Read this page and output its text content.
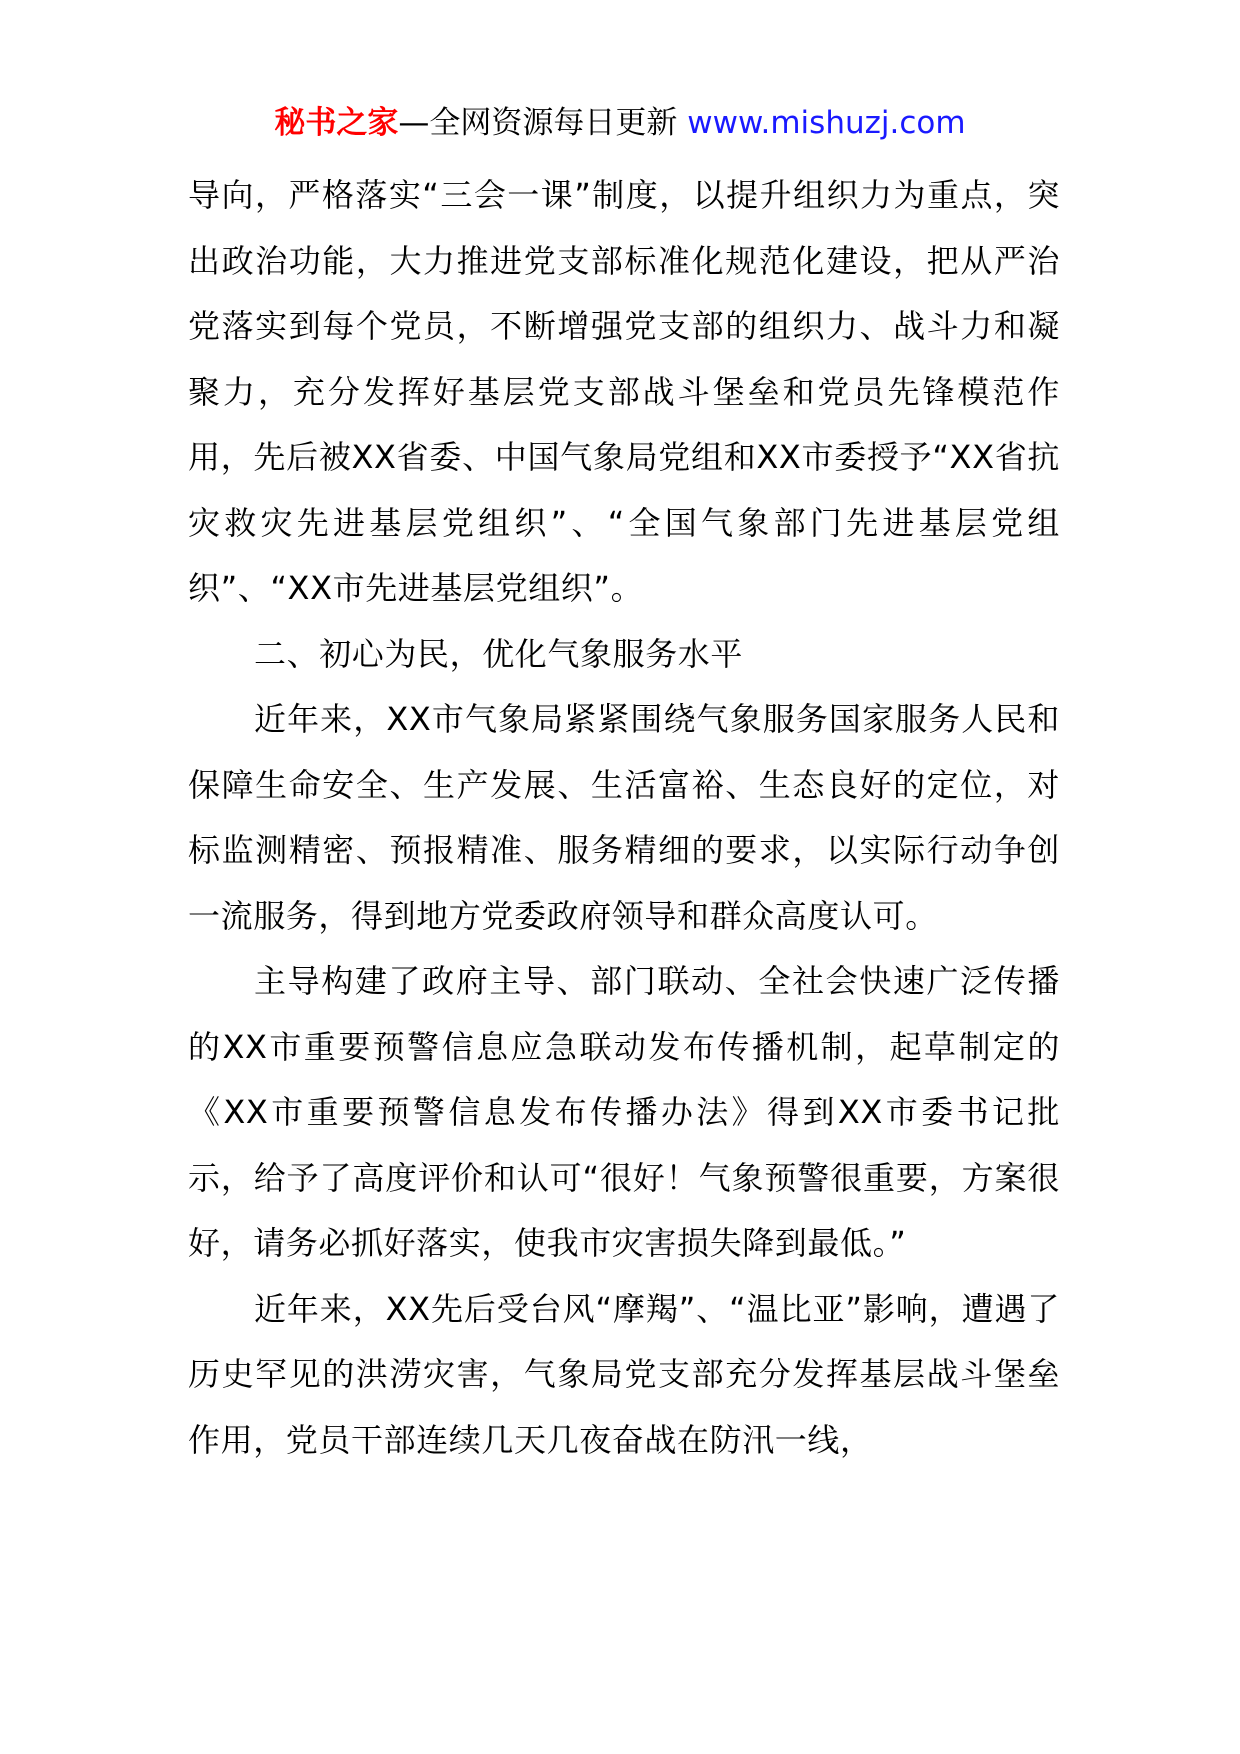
秘书之家—全网资源每日更新 www.mishuzj.com

导向，严格落实“三会一课”制度，以提升组织力为重点，突出政治功能，大力推进党支部标准化规范化建设，把从严治党落实到每个党员，不断增强党支部的组织力、战斗力和凝聚力，充分发挥好基层党支部战斗堡垒和党员先锋模范作用，先后被XX省委、中国气象局党组和XX市委授予“XX省抗灾救灾先进基层党组织”、“全国气象部门先进基层党组织”、“XX市先进基层党组织”。

二、初心为民，优化气象服务水平

近年来，XX市气象局紧紧围绕气象服务国家服务人民和保障生命安全、生产发展、生活富裕、生态良好的定位，对标监测精密、预报精准、服务精细的要求，以实际行动争创一流服务，得到地方党委政府领导和群众高度认可。

主导构建了政府主导、部门联动、全社会快速广泛传播的XX市重要预警信息应急联动发布传播机制，起草制定的《XX市重要预警信息发布传播办法》得到XX市委书记批示，给予了高度评价和认可“很好！气象预警很重要，方案很好，请务必抓好落实，使我市灾害损失降到最低。”

近年来，XX先后受台风“摩羯”、“温比亚”影响，遭遇了历史罕见的洪涝灾害，气象局党支部充分发挥基层战斗堡垒作用，党员干部连续几天几夜奋战在防汛一线，
